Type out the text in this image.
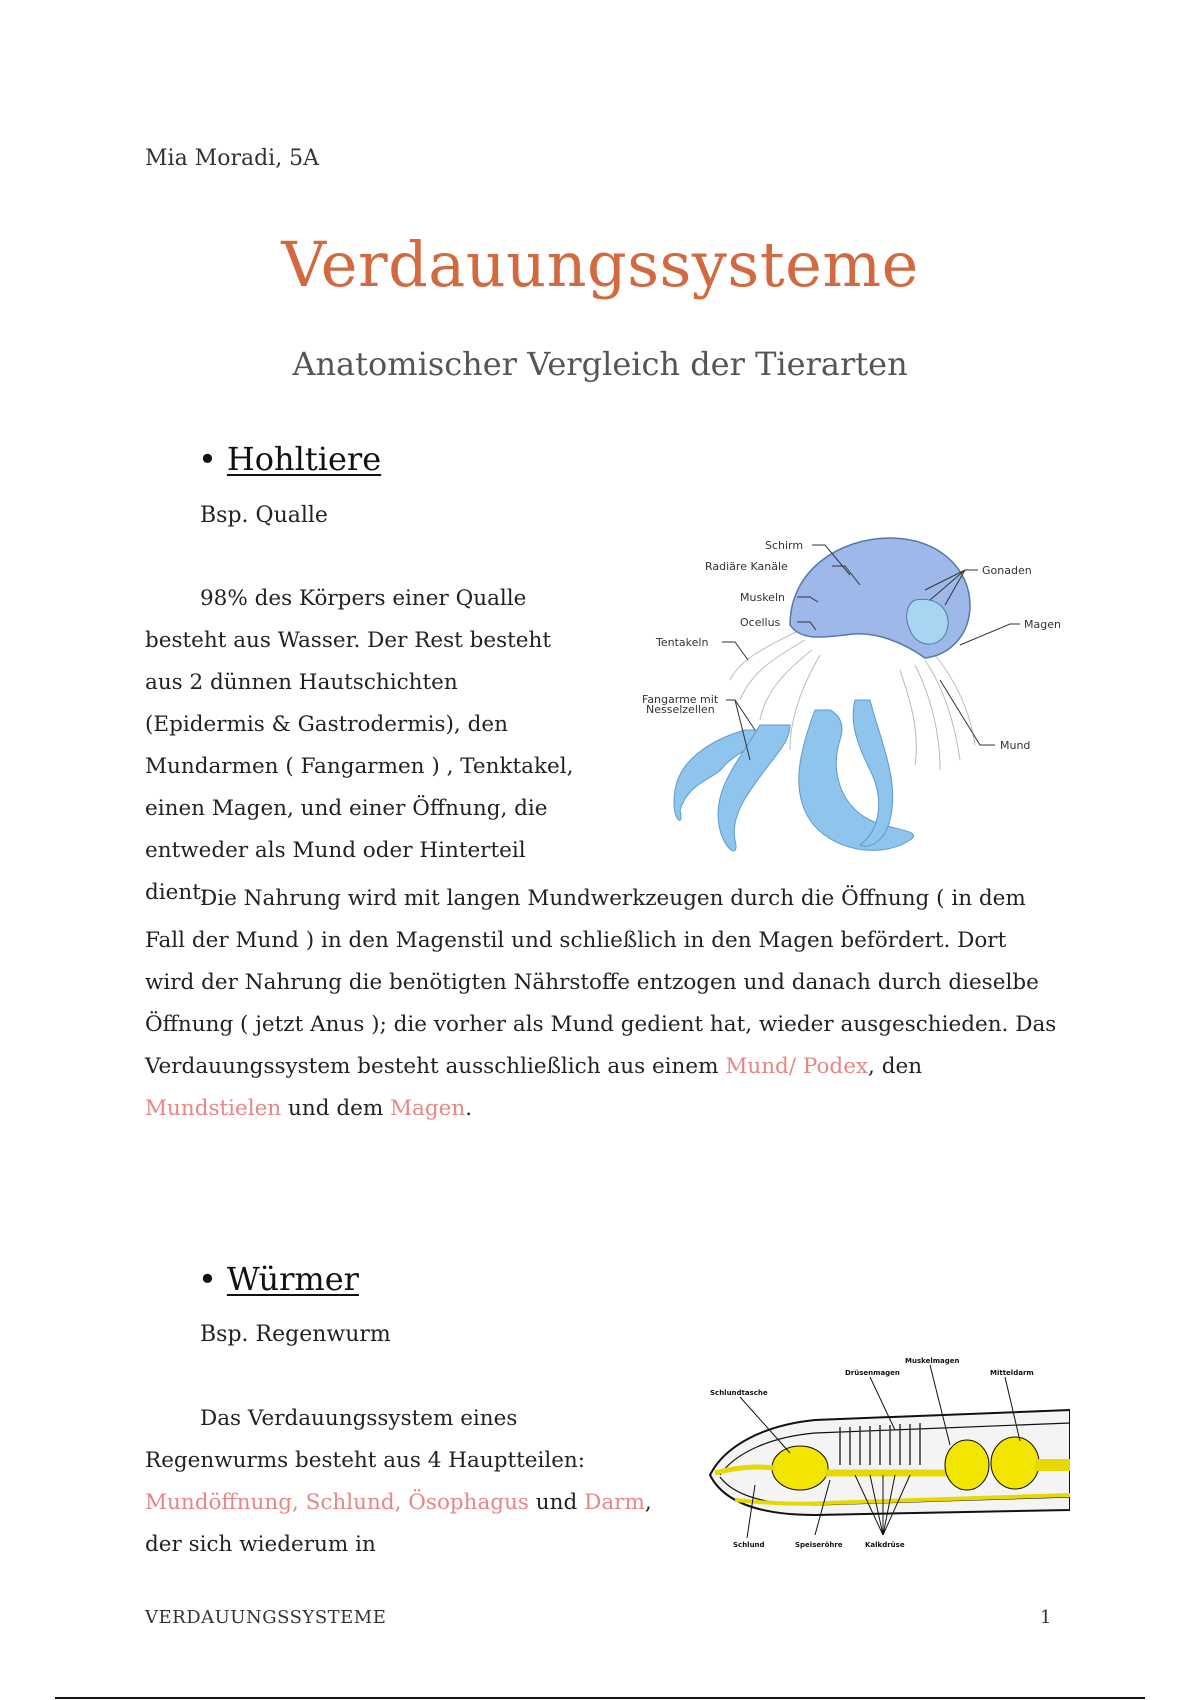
Mia Moradi, 5A
Verdauungssysteme
Anatomischer Vergleich der Tierarten
• Hohltiere
Bsp. Qualle

98% des Körpers einer Qualle besteht aus Wasser. Der Rest besteht aus 2 dünnen Hautschichten (Epidermis & Gastrodermis), den Mundarmen ( Fangarmen ) , Tenktakel, einen Magen, und einer Öffnung, die entweder als Mund oder Hinterteil dient;

Die Nahrung wird mit langen Mundwerkzeugen durch die Öffnung ( in dem Fall der Mund ) in den Magenstil und schließlich in den Magen befördert. Dort wird der Nahrung die benötigten Nährstoffe entzogen und danach durch dieselbe Öffnung ( jetzt Anus ); die vorher als Mund gedient hat, wieder ausgeschieden. Das Verdauungssystem besteht ausschließlich aus einem Mund/ Podex, den Mundstielen und dem Magen.

Schirm
Radiäre Kanäle
Muskeln
Ocellus
Tentakeln
Fangarme mit
Nesselzellen
Gonaden
Magen
Mund
• Würmer
Bsp. Regenwurm

Das Verdauungssystem eines Regenwurms besteht aus 4 Hauptteilen: Mundöffnung, Schlund, Ösophagus und Darm, der sich wiederum in

Schlundtasche
Drüsenmagen
Muskelmagen
Mitteldarm
Schlund	Speiseröhre	Kalkdrüse
VERDAUUNGSSYSTEME	1
